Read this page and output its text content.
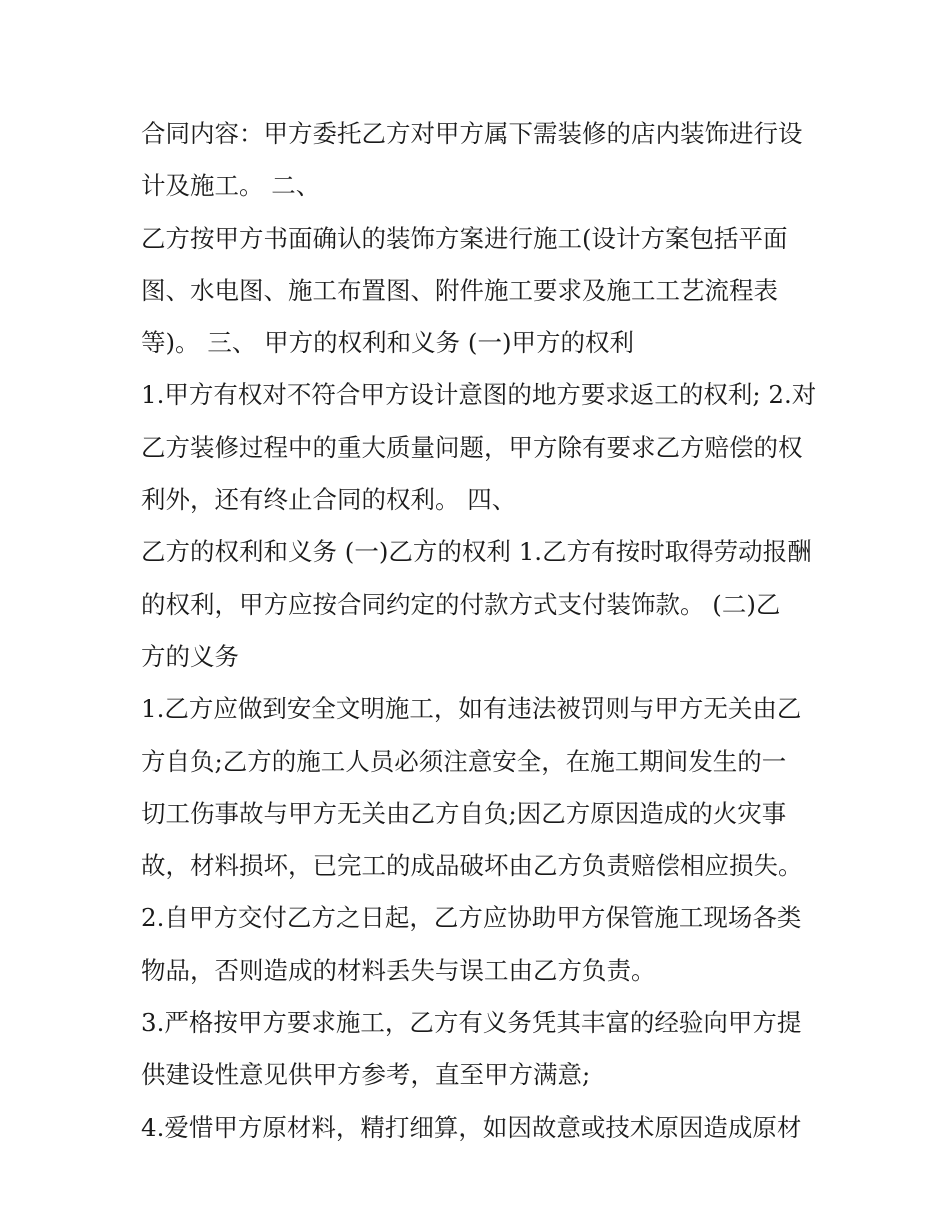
合同内容：甲方委托乙方对甲方属下需装修的店内装饰进行设
计及施工。 二、
乙方按甲方书面确认的装饰方案进行施工(设计方案包括平面
图、水电图、施工布置图、附件施工要求及施工工艺流程表
等)。 三、 甲方的权利和义务 (一)甲方的权利
1.甲方有权对不符合甲方设计意图的地方要求返工的权利; 2.对
乙方装修过程中的重大质量问题，甲方除有要求乙方赔偿的权
利外，还有终止合同的权利。 四、
乙方的权利和义务 (一)乙方的权利 1.乙方有按时取得劳动报酬
的权利，甲方应按合同约定的付款方式支付装饰款。 (二)乙
方的义务
1.乙方应做到安全文明施工，如有违法被罚则与甲方无关由乙
方自负;乙方的施工人员必须注意安全，在施工期间发生的一
切工伤事故与甲方无关由乙方自负;因乙方原因造成的火灾事
故，材料损坏，已完工的成品破坏由乙方负责赔偿相应损失。
2.自甲方交付乙方之日起，乙方应协助甲方保管施工现场各类
物品，否则造成的材料丢失与误工由乙方负责。
3.严格按甲方要求施工，乙方有义务凭其丰富的经验向甲方提
供建设性意见供甲方参考，直至甲方满意;
4.爱惜甲方原材料，精打细算，如因故意或技术原因造成原材
